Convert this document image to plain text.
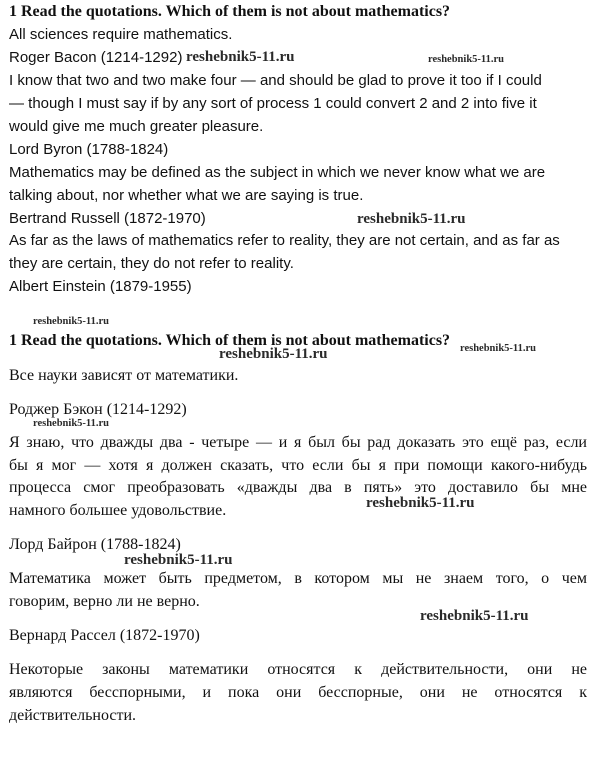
1 Read the quotations. Which of them is not about mathematics?
All sciences require mathematics.
Roger Bacon (1214-1292)
I know that two and two make four — and should be glad to prove it too if I could
— though I must say if by any sort of process 1 could convert 2 and 2 into five it
would give me much greater pleasure.
Lord Byron (1788-1824)
Mathematics may be defined as the subject in which we never know what we are
talking about, nor whether what we are saying is true.
Bertrand Russell (1872-1970)
As far as the laws of mathematics refer to reality, they are not certain, and as far as
they are certain, they do not refer to reality.
Albert Einstein (1879-1955)
1 Read the quotations. Which of them is not about mathematics?
Все науки зависят от математики.
Роджер Бэкон (1214-1292)
Я знаю, что дважды два - четыре — и я был бы рад доказать это ещё раз, если
бы я мог — хотя я должен сказать, что если бы я при помощи какого-нибудь
процесса смог преобразовать «дважды два в пять» это доставило бы мне
намного большее удовольствие.
Лорд Байрон (1788-1824)
Математика может быть предметом, в котором мы не знаем того, о чем
говорим, верно ли не верно.
Вернард Рассел (1872-1970)
Некоторые законы математики относятся к действительности, они не
являются бесспорными, и пока они бесспорные, они не относятся к
действительности.
reshebnik5-11.ru	reshebnik5-11.ru
reshebnik5-11.ru
reshebnik5-11.ru
reshebnik5-11.ru	reshebnik5-11.ru
reshebnik5-11.ru
reshebnik5-11.ru
reshebnik5-11.ru
reshebnik5-11.ru
